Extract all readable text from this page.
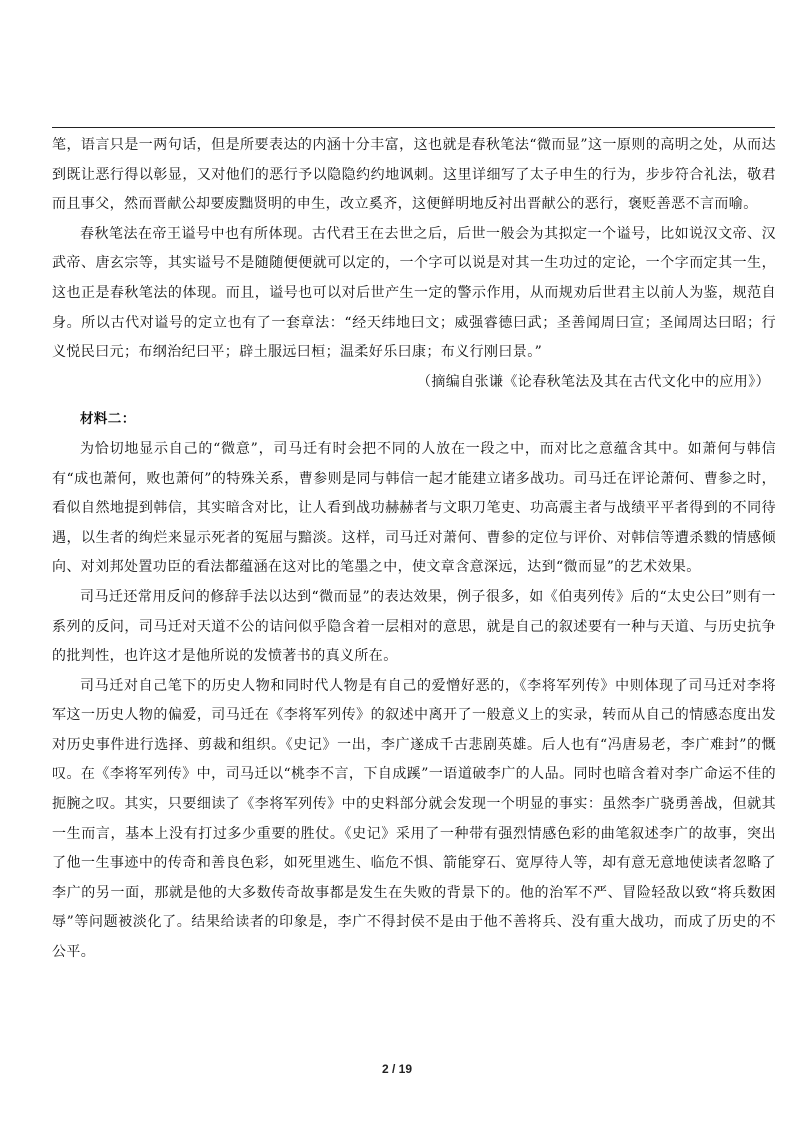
笔，语言只是一两句话，但是所要表达的内涵十分丰富，这也就是春秋笔法“微而显”这一原则的高明之处，从而达到既让恶行得以彰显，又对他们的恶行予以隐隐约约地讽刺。这里详细写了太子申生的行为，步步符合礼法，敬君而且事父，然而晋献公却要废黜贤明的申生，改立奚齐，这便鲜明地反衬出晋献公的恶行，褒贬善恶不言而喻。

春秋笔法在帝王谥号中也有所体现。古代君王在去世之后，后世一般会为其拟定一个谥号，比如说汉文帝、汉武帝、唐玄宗等，其实谥号不是随随便便就可以定的，一个字可以说是对其一生功过的定论，一个字而定其一生，这也正是春秋笔法的体现。而且，谥号也可以对后世产生一定的警示作用，从而规劝后世君主以前人为鉴，规范自身。所以古代对谥号的定立也有了一套章法：“经天纬地曰文；威强睿德曰武；圣善闻周曰宣；圣闻周达曰昭；行义悦民曰元；布纲治纪曰平；辟土服远曰桓；温柔好乐曰康；布义行刚曰景。”

（摘编自张谦《论春秋笔法及其在古代文化中的应用》）

材料二：

为恰切地显示自己的“微意”，司马迁有时会把不同的人放在一段之中，而对比之意蕴含其中。如萧何与韩信有“成也萧何，败也萧何”的特殊关系，曹参则是同与韩信一起才能建立诸多战功。司马迁在评论萧何、曹参之时，看似自然地提到韩信，其实暗含对比，让人看到战功赫赫者与文职刀笔吏、功高震主者与战绩平平者得到的不同待遇，以生者的绚烂来显示死者的冤屈与黯淡。这样，司马迁对萧何、曹参的定位与评价、对韩信等遭杀戮的情感倾向、对刘邦处置功臣的看法都蕴涵在这对比的笔墨之中，使文章含意深远，达到“微而显”的艺术效果。

司马迁还常用反问的修辞手法以达到“微而显”的表达效果，例子很多，如《伯夷列传》后的“太史公曰”则有一系列的反问，司马迁对天道不公的诘问似乎隐含着一层相对的意思，就是自己的叙述要有一种与天道、与历史抗争的批判性，也许这才是他所说的发愤著书的真义所在。

司马迁对自己笔下的历史人物和同时代人物是有自己的爱憎好恶的，《李将军列传》中则体现了司马迁对李将军这一历史人物的偏爱，司马迁在《李将军列传》的叙述中离开了一般意义上的实录，转而从自己的情感态度出发对历史事件进行选择、剪裁和组织。《史记》一出，李广遂成千古悲剧英雄。后人也有“冯唐易老，李广难封”的慨叹。在《李将军列传》中，司马迁以“桃李不言，下自成蹊”一语道破李广的人品。同时也暗含着对李广命运不佳的扼腕之叹。其实，只要细读了《李将军列传》中的史料部分就会发现一个明显的事实：虽然李广骁勇善战，但就其一生而言，基本上没有打过多少重要的胜仗。《史记》采用了一种带有强烈情感色彩的曲笔叙述李广的故事，突出了他一生事迹中的传奇和善良色彩，如死里逃生、临危不惧、箭能穿石、宽厚待人等，却有意无意地使读者忽略了李广的另一面，那就是他的大多数传奇故事都是发生在失败的背景下的。他的治军不严、冒险轻敌以致“将兵数困辱”等问题被淡化了。结果给读者的印象是，李广不得封侯不是由于他不善将兵、没有重大战功，而成了历史的不公平。

2 / 19
